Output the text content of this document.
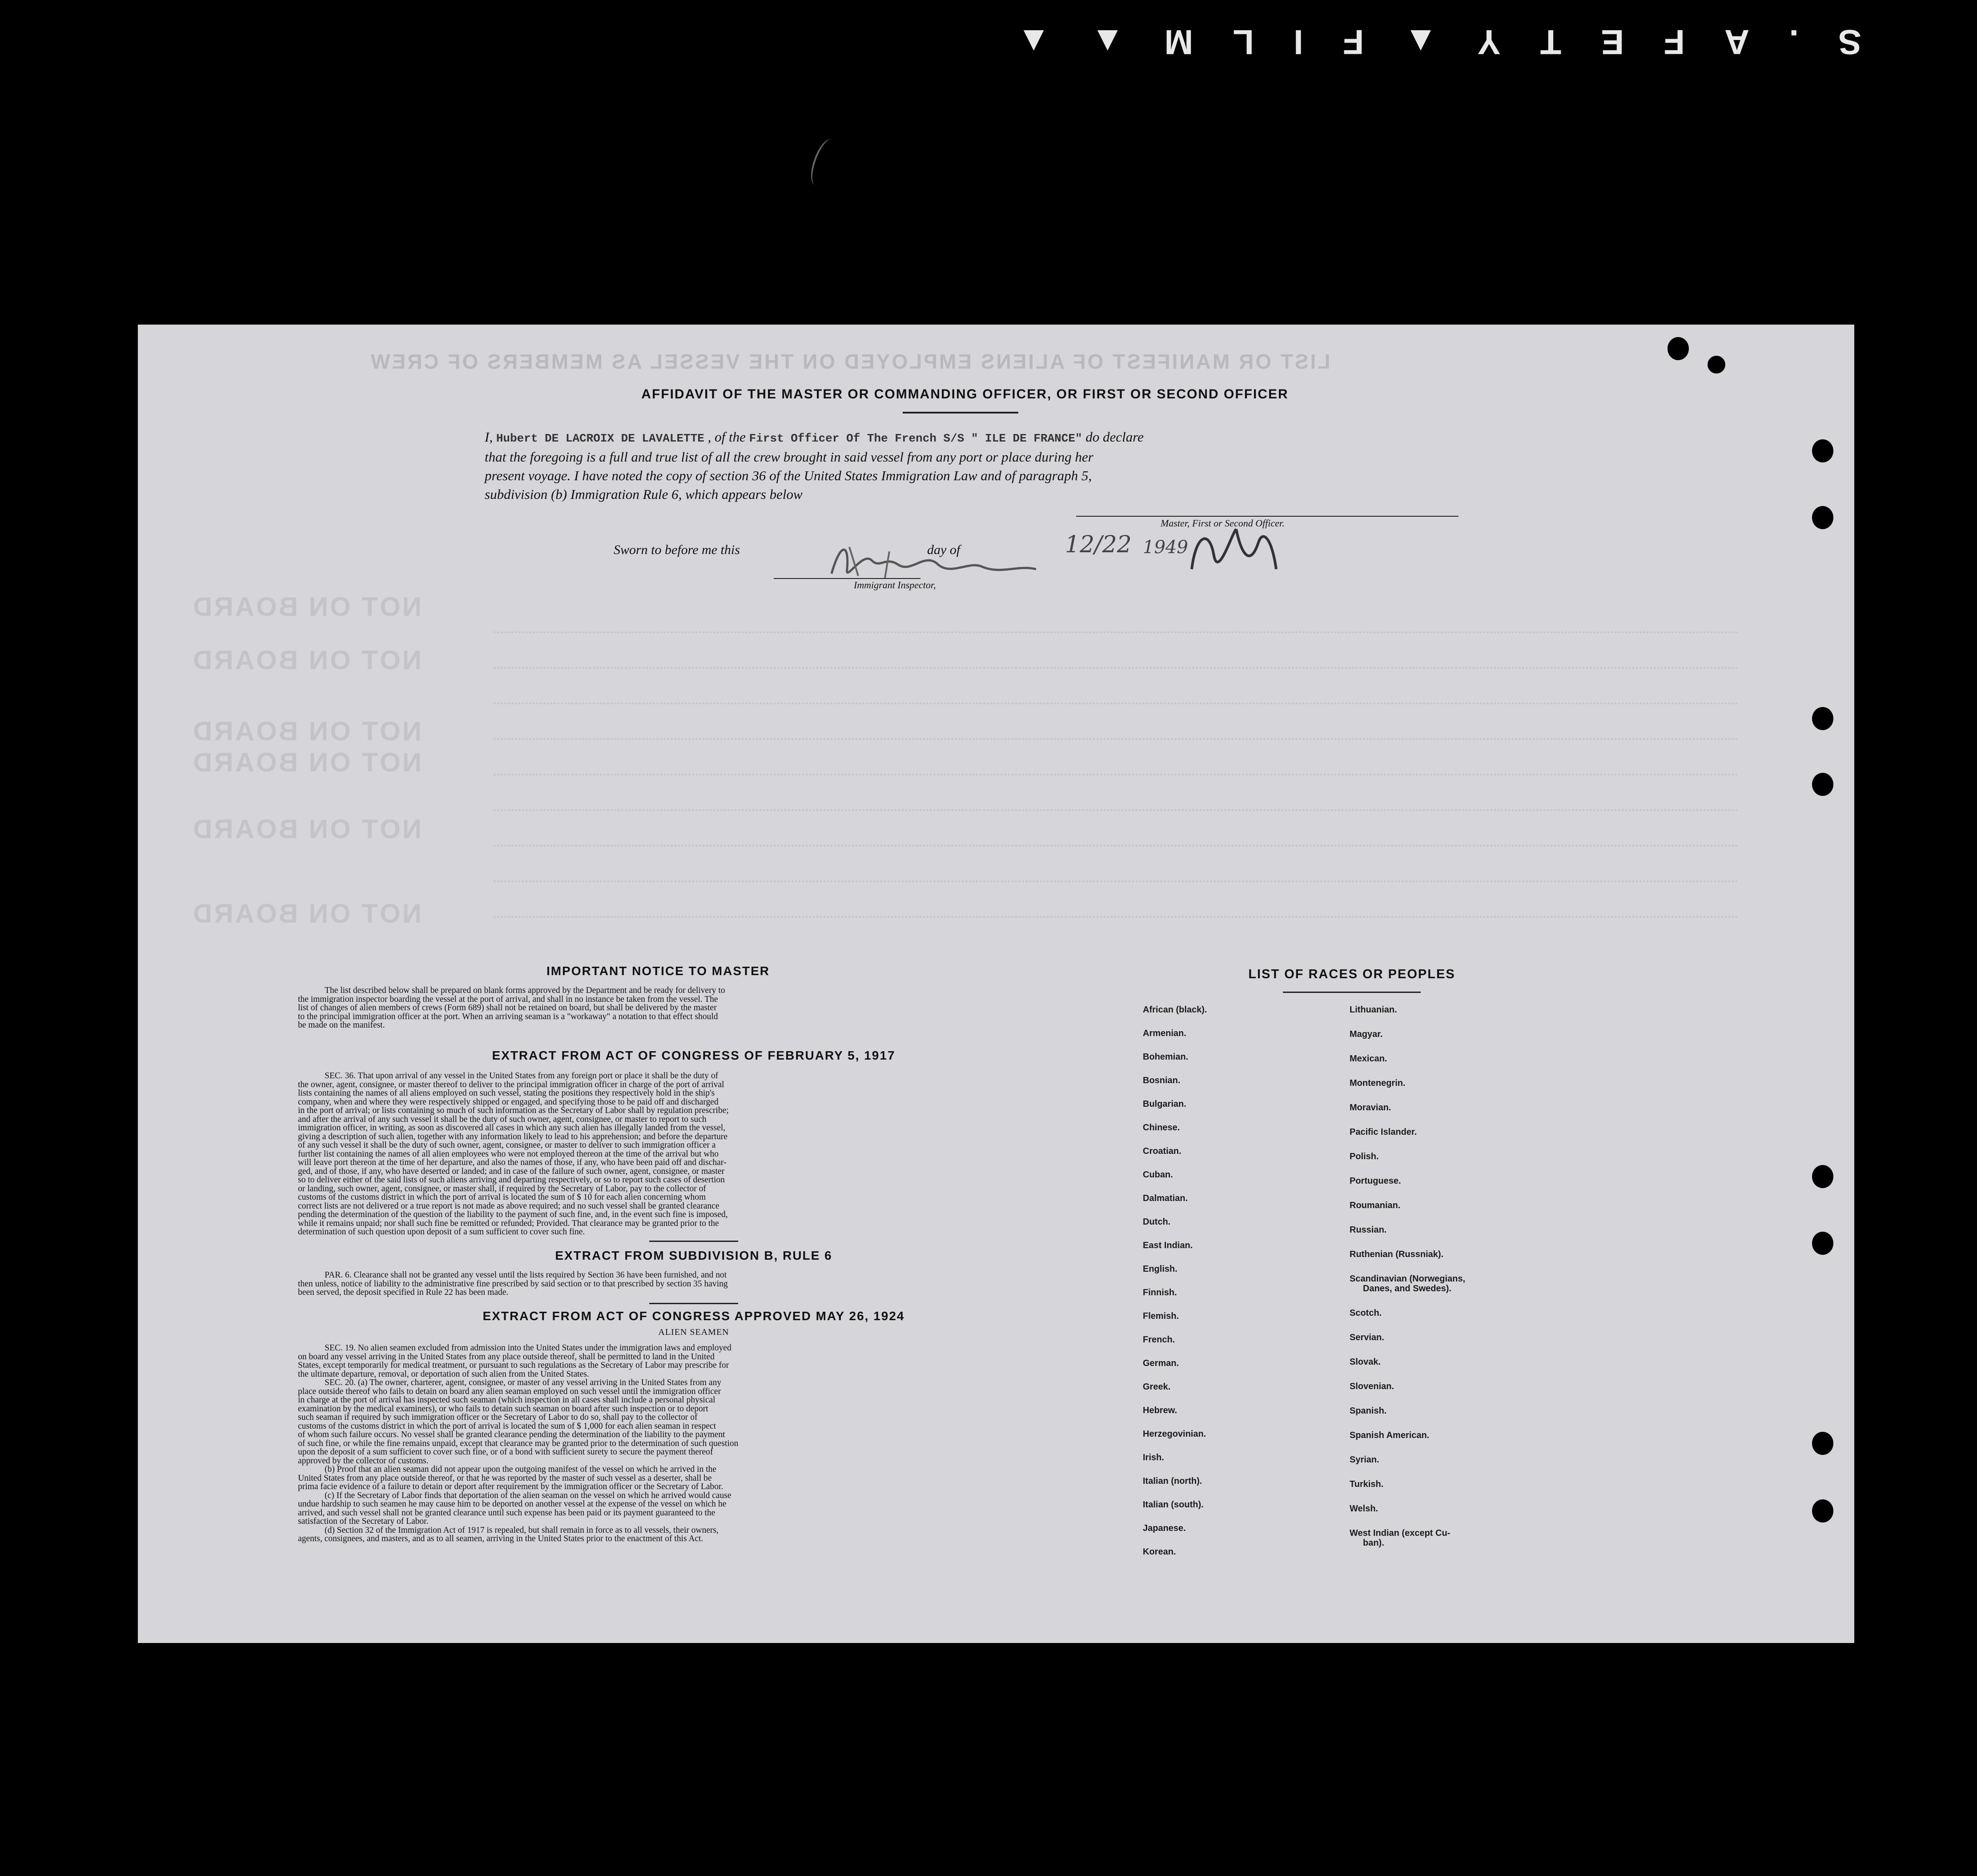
S
.
A
F
E
T
Y
▲
F
I
L
M
▲
▲
LIST OR MANIFEST OF ALIENS EMPLOYED ON THE VESSEL AS MEMBERS OF CREW
NOT ON BOARD
NOT ON BOARD
NOT ON BOARD
NOT ON BOARD
NOT ON BOARD
NOT ON BOARD
AFFIDAVIT OF THE MASTER OR COMMANDING OFFICER, OR FIRST OR SECOND OFFICER
I, Hubert DE LACROIX DE LAVALETTE , of the First Officer Of The French S/S " ILE DE FRANCE" do declare
that the foregoing is a full and true list of all the crew brought in said vessel from any port or place during her
present voyage. I have noted the copy of section 36 of the United States Immigration Law and of paragraph 5,
subdivision (b) Immigration Rule 6, which appears below
Master, First or Second Officer.
Sworn to before me this	day of	12/22 1949
Immigrant Inspector,
IMPORTANT NOTICE TO MASTER
The list described below shall be prepared on blank forms approved by the Department and be ready for delivery to
the immigration inspector boarding the vessel at the port of arrival, and shall in no instance be taken from the vessel. The
list of changes of alien members of crews (Form 689) shall not be retained on board, but shall be delivered by the master
to the principal immigration officer at the port. When an arriving seaman is a "workaway" a notation to that effect should
be made on the manifest.
EXTRACT FROM ACT OF CONGRESS OF FEBRUARY 5, 1917
SEC. 36. That upon arrival of any vessel in the United States from any foreign port or place it shall be the duty of
the owner, agent, consignee, or master thereof to deliver to the principal immigration officer in charge of the port of arrival
lists containing the names of all aliens employed on such vessel, stating the positions they respectively hold in the ship's
company, when and where they were respectively shipped or engaged, and specifying those to be paid off and discharged
in the port of arrival; or lists containing so much of such information as the Secretary of Labor shall by regulation prescribe;
and after the arrival of any such vessel it shall be the duty of such owner, agent, consignee, or master to report to such
immigration officer, in writing, as soon as discovered all cases in which any such alien has illegally landed from the vessel,
giving a description of such alien, together with any information likely to lead to his apprehension; and before the departure
of any such vessel it shall be the duty of such owner, agent, consignee, or master to deliver to such immigration officer a
further list containing the names of all alien employees who were not employed thereon at the time of the arrival but who
will leave port thereon at the time of her departure, and also the names of those, if any, who have been paid off and dischar-
ged, and of those, if any, who have deserted or landed; and in case of the failure of such owner, agent, consignee, or master
so to deliver either of the said lists of such aliens arriving and departing respectively, or so to report such cases of desertion
or landing, such owner, agent, consignee, or master shall, if required by the Secretary of Labor, pay to the collector of
customs of the customs district in which the port of arrival is located the sum of $ 10 for each alien concerning whom
correct lists are not delivered or a true report is not made as above required; and no such vessel shall be granted clearance
pending the determination of the question of the liability to the payment of such fine, and, in the event such fine is imposed,
while it remains unpaid; nor shall such fine be remitted or refunded; Provided. That clearance may be granted prior to the
determination of such question upon deposit of a sum sufficient to cover such fine.
EXTRACT FROM SUBDIVISION B, RULE 6
PAR. 6. Clearance shall not be granted any vessel until the lists required by Section 36 have been furnished, and not
then unless, notice of liability to the administrative fine prescribed by said section or to that prescribed by section 35 having
been served, the deposit specified in Rule 22 has been made.
EXTRACT FROM ACT OF CONGRESS APPROVED MAY 26, 1924
ALIEN SEAMEN
SEC. 19. No alien seamen excluded from admission into the United States under the immigration laws and employed
on board any vessel arriving in the United States from any place outside thereof, shall be permitted to land in the United
States, except temporarily for medical treatment, or pursuant to such regulations as the Secretary of Labor may prescribe for
the ultimate departure, removal, or deportation of such alien from the United States.
SEC. 20. (a) The owner, charterer, agent, consignee, or master of any vessel arriving in the United States from any
place outside thereof who fails to detain on board any alien seaman employed on such vessel until the immigration officer
in charge at the port of arrival has inspected such seaman (which inspection in all cases shall include a personal physical
examination by the medical examiners), or who fails to detain such seaman on board after such inspection or to deport
such seaman if required by such immigration officer or the Secretary of Labor to do so, shall pay to the collector of
customs of the customs district in which the port of arrival is located the sum of $ 1,000 for each alien seaman in respect
of whom such failure occurs. No vessel shall be granted clearance pending the determination of the liability to the payment
of such fine, or while the fine remains unpaid, except that clearance may be granted prior to the determination of such question
upon the deposit of a sum sufficient to cover such fine, or of a bond with sufficient surety to secure the payment thereof
approved by the collector of customs.
(b) Proof that an alien seaman did not appear upon the outgoing manifest of the vessel on which he arrived in the
United States from any place outside thereof, or that he was reported by the master of such vessel as a deserter, shall be
prima facie evidence of a failure to detain or deport after requirement by the immigration officer or the Secretary of Labor.
(c) If the Secretary of Labor finds that deportation of the alien seaman on the vessel on which he arrived would cause
undue hardship to such seamen he may cause him to be deported on another vessel at the expense of the vessel on which he
arrived, and such vessel shall not be granted clearance until such expense has been paid or its payment guaranteed to the
satisfaction of the Secretary of Labor.
(d) Section 32 of the Immigration Act of 1917 is repealed, but shall remain in force as to all vessels, their owners,
agents, consignees, and masters, and as to all seamen, arriving in the United States prior to the enactment of this Act.
LIST OF RACES OR PEOPLES
African (black).
Armenian.
Bohemian.
Bosnian.
Bulgarian.
Chinese.
Croatian.
Cuban.
Dalmatian.
Dutch.
East Indian.
English.
Finnish.
Flemish.
French.
German.
Greek.
Hebrew.
Herzegovinian.
Irish.
Italian (north).
Italian (south).
Japanese.
Korean.
Lithuanian.
Magyar.
Mexican.
Montenegrin.
Moravian.
Pacific Islander.
Polish.
Portuguese.
Roumanian.
Russian.
Ruthenian (Russniak).
Scandinavian (Norwegians,
Danes, and Swedes).
Scotch.
Servian.
Slovak.
Slovenian.
Spanish.
Spanish American.
Syrian.
Turkish.
Welsh.
West Indian (except Cu-
ban).
